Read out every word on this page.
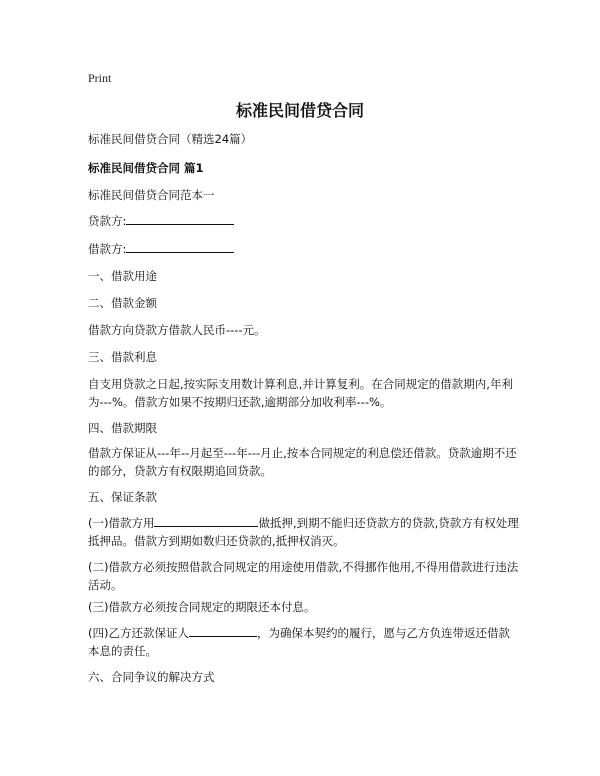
Print
标准民间借贷合同
标准民间借贷合同（精选24篇）
标准民间借贷合同 篇1
标准民间借贷合同范本一
贷款方:
借款方:
一、借款用途
二、借款金额
借款方向贷款方借款人民币----元。
三、借款利息
自支用贷款之日起,按实际支用数计算利息,并计算复利。在合同规定的借款期内,年利为---%。借款方如果不按期归还款,逾期部分加收利率---%。
四、借款期限
借款方保证从---年--月起至---年---月止,按本合同规定的利息偿还借款。贷款逾期不还的部分，贷款方有权限期追回贷款。
五、保证条款
(一)借款方用	做抵押,到期不能归还贷款方的贷款,贷款方有权处理抵押品。借款方到期如数归还贷款的,抵押权消灭。
(二)借款方必须按照借款合同规定的用途使用借款,不得挪作他用,不得用借款进行违法活动。
(三)借款方必须按合同规定的期限还本付息。
(四)乙方还款保证人	，为确保本契约的履行，愿与乙方负连带返还借款本息的责任。
六、合同争议的解决方式
